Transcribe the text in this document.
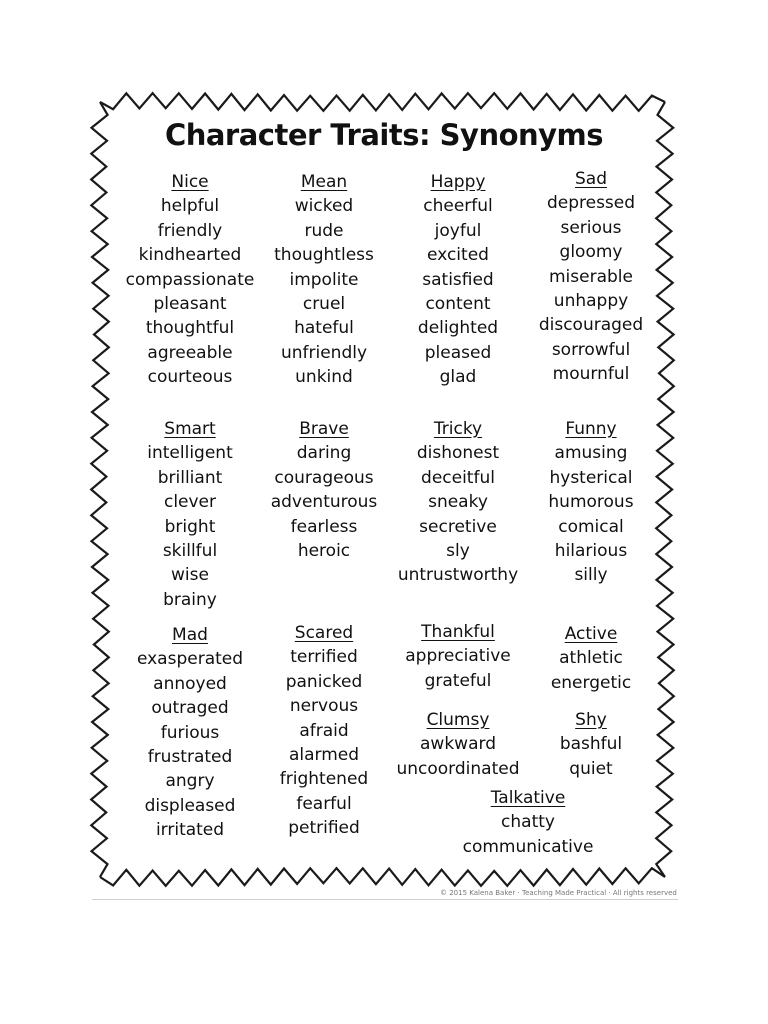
Character Traits: Synonyms
Nice
helpful
friendly
kindhearted
compassionate
pleasant
thoughtful
agreeable
courteous
Mean
wicked
rude
thoughtless
impolite
cruel
hateful
unfriendly
unkind
Happy
cheerful
joyful
excited
satisfied
content
delighted
pleased
glad
Sad
depressed
serious
gloomy
miserable
unhappy
discouraged
sorrowful
mournful
Smart
intelligent
brilliant
clever
bright
skillful
wise
brainy
Brave
daring
courageous
adventurous
fearless
heroic
Tricky
dishonest
deceitful
sneaky
secretive
sly
untrustworthy
Funny
amusing
hysterical
humorous
comical
hilarious
silly
Mad
exasperated
annoyed
outraged
furious
frustrated
angry
displeased
irritated
Scared
terrified
panicked
nervous
afraid
alarmed
frightened
fearful
petrified
Thankful
appreciative
grateful
Active
athletic
energetic
Clumsy
awkward
uncoordinated
Shy
bashful
quiet
Talkative
chatty
communicative
© 2015 Kalena Baker · Teaching Made Practical · All rights reserved
